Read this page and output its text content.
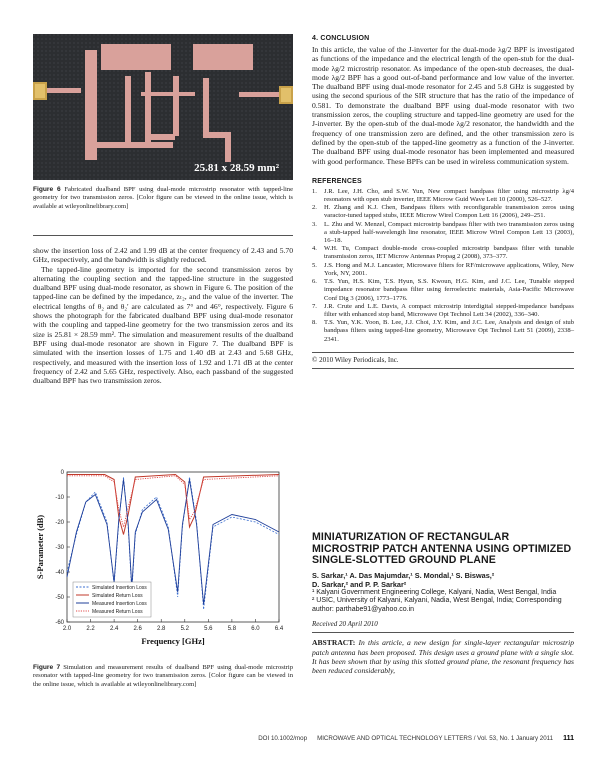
25.81 x 28.59 mm²
Figure 6 Fabricated dualband BPF using dual-mode microstrip resonator with tapped-line geometry for two transmission zeros. [Color figure can be viewed in the online issue, which is available at wileyonlinelibrary.com]

show the insertion loss of 2.42 and 1.99 dB at the center frequency of 2.43 and 5.70 GHz, respectively, and the bandwidth is slightly reduced.

The tapped-line geometry is imported for the second transmission zeros by alternating the coupling section and the tapped-line structure in the suggested dualband BPF using dual-mode resonator, as shown in Figure 6. The position of the tapped-line can be defined by the impedance, zₜ₂, and the value of the inverter. The electrical lengths of θ₂ and θ₂′ are calculated as 7° and 46°, respectively. Figure 6 shows the photograph for the fabricated dualband BPF using dual-mode resonator with the coupling and tapped-line geometry for the two transmission zeros and its size is 25.81 × 28.59 mm². The simulation and measurement results of the dualband BPF using dual-mode resonator are shown in Figure 7. The dualband BPF is simulated with the insertion losses of 1.75 and 1.40 dB at 2.43 and 5.68 GHz, respectively, and measured with the insertion loss of 1.92 and 1.71 dB at the center frequency of 2.42 and 5.65 GHz, respectively. Also, each passband of the suggested dualband BPF has two transmission zeros.

0
-10
-20
-30
-40
-50
-60
2.0	2.2	2.4	2.6	2.8	5.2	5.6	5.8	6.0	6.4
Frequency [GHz]
S-Parameter (dB)
Simulated Insertion Loss
Simulated Return Loss
Measured Insertion Loss
Measured Return Loss
Figure 7 Simulation and measurement results of dualband BPF using dual-mode microstrip resonator with tapped-line geometry for two transmission zeros. [Color figure can be viewed in the online issue, which is available at wileyonlinelibrary.com]
4. CONCLUSION

In this article, the value of the J-inverter for the dual-mode λg/2 BPF is investigated as functions of the impedance and the electrical length of the open-stub for the dual-mode λg/2 microstrip resonator. As impedance of the open-stub decreases, the dual-mode λg/2 BPF has a good out-of-band performance and low value of the inverter. The dualband BPF using dual-mode resonator for 2.45 and 5.8 GHz is suggested by using the second spurious of the SIR structure that has the ratio of the impedance of 0.581. To demonstrate the dualband BPF using dual-mode resonator with two transmission zeros, the coupling structure and tapped-line geometry are used for the J-inverter. By the open-stub of the dual-mode λg/2 resonator, the handwidth and the frequency of one transmission zero are defined, and the other transmission zero is defined by the open-stub of the tapped-line geometry as a function of the J-inverter. The dualband BPF using dual-mode resonator has been implemented and measured with good performance. These BPFs can be used in wireless communication system.

REFERENCES
1.	J.R. Lee, J.H. Cho, and S.W. Yun, New compact bandpass filter using microstrip λg/4 resonators with open stub inverter, IEEE Microw Guid Wave Lett 10 (2000), 526–527.
2.	H. Zhang and K.J. Chen, Bandpass filters with reconfigurable transmission zeros using varactor-tuned tapped stubs, IEEE Microw Wirel Compon Lett 16 (2006), 249–251.
3.	L. Zhu and W. Menzel, Compact microstrip bandpass filter with two transmission zeros using a stub-tapped half-wavelength line resonator, IEEE Microw Wirel Compon Lett 13 (2003), 16–18.
4.	W.H. Tu, Compact double-mode cross-coupled microstrip bandpass filter with tunable transmission zeros, IET Microw Antennas Propag 2 (2008), 373–377.
5.	J.S. Hong and M.J. Lancaster, Microwave filters for RF/microwave applications, Wiley, New York, NY, 2001.
6.	T.S. Yun, H.S. Kim, T.S. Hyun, S.S. Kwoun, H.G. Kim, and J.C. Lee, Tunable stepped impedance resonator bandpass filter using ferroelectric materials, Asia-Pacific Microwave Conf Dig 3 (2006), 1773–1776.
7.	J.R. Crute and L.E. Davis, A compact microstrip interdigital stepped-impedance bandpass filter with enhanced stop band, Microwave Opt Technol Lett 34 (2002), 336–340.
8.	T.S. Yun, Y.K. Yoon, B. Lee, J.J. Choi, J.Y. Kim, and J.C. Lee, Analysis and design of stub bandpass filters using tapped-line geometry, Microwave Opt Technol Lett 51 (2009), 2338–2341.
© 2010 Wiley Periodicals, Inc.
MINIATURIZATION OF RECTANGULAR MICROSTRIP PATCH ANTENNA USING OPTIMIZED SINGLE-SLOTTED GROUND PLANE
S. Sarkar,¹ A. Das Majumdar,¹ S. Mondal,¹ S. Biswas,²
D. Sarkar,² and P. P. Sarkar²
¹ Kalyani Government Engineering College, Kalyani, Nadia, West Bengal, India
² USIC, University of Kalyani, Kalyani, Nadia, West Bengal, India; Corresponding author: parthabe91@yahoo.co.in
Received 20 April 2010

ABSTRACT: In this article, a new design for single-layer rectangular microstrip patch antenna has been proposed. This design uses a ground plane with a single slot. It has been shown that by using this slotted ground plane, the resonant frequency has been reduced considerably,

DOI 10.1002/mop MICROWAVE AND OPTICAL TECHNOLOGY LETTERS / Vol. 53, No. 1 January 2011 111
